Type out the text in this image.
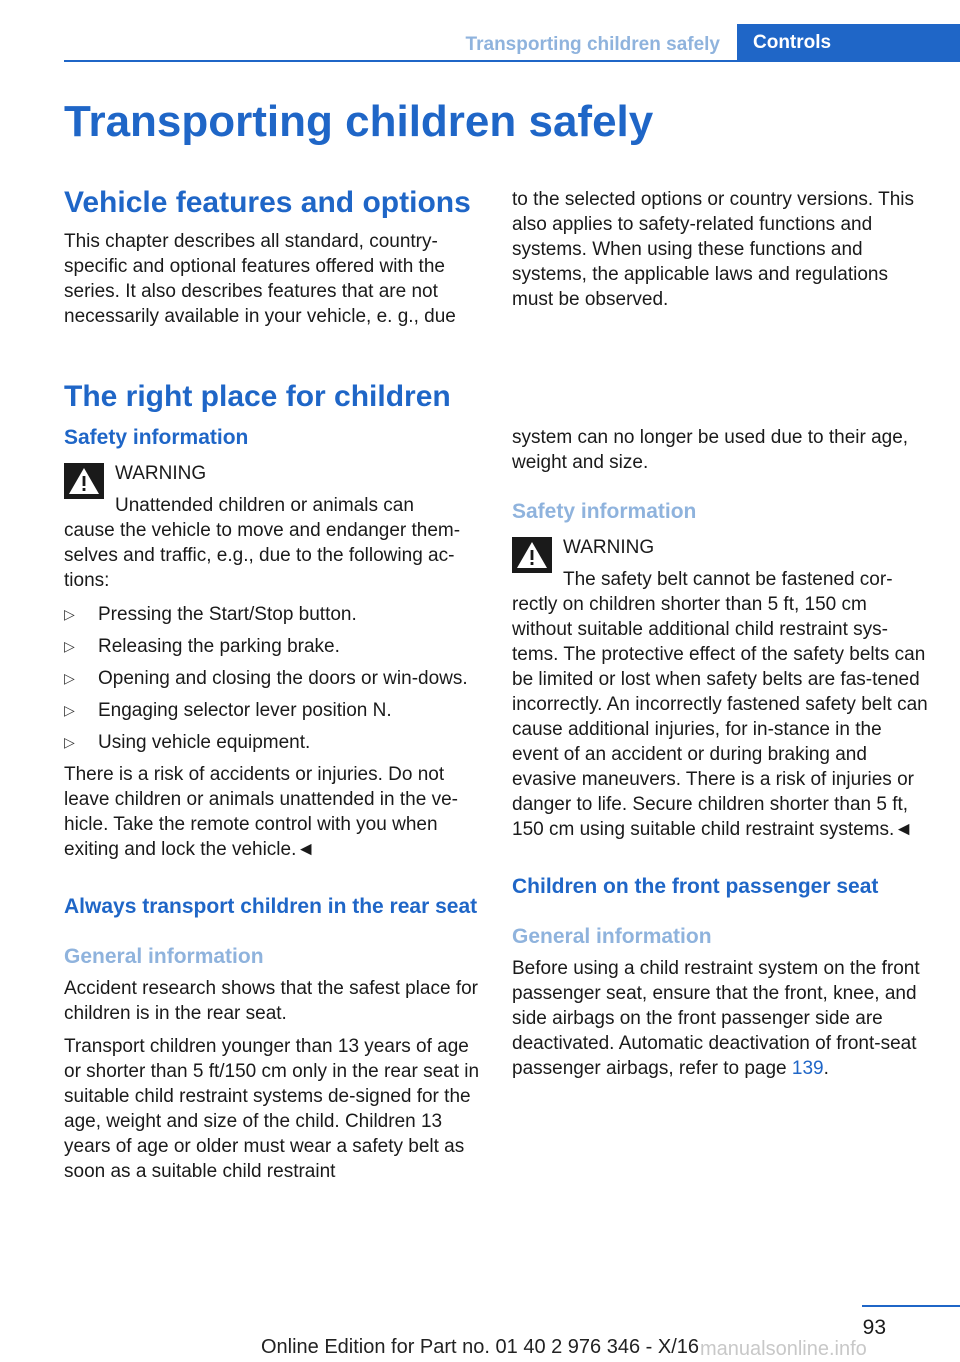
Transporting children safely	Controls
Transporting children safely
Vehicle features and options

This chapter describes all standard, country-specific and optional features offered with the series. It also describes features that are not necessarily available in your vehicle, e. g., due

to the selected options or country versions. This also applies to safety-related functions and systems. When using these functions and systems, the applicable laws and regulations must be observed.

The right place for children
Safety information
WARNING

Unattended children or animals can

cause the vehicle to move and endanger them-selves and traffic, e.g., due to the following ac-tions:

▷ Pressing the Start/Stop button.
▷ Releasing the parking brake.
▷ Opening and closing the doors or win-dows.
▷ Engaging selector lever position N.
▷ Using vehicle equipment.

There is a risk of accidents or injuries. Do not leave children or animals unattended in the ve-hicle. Take the remote control with you when exiting and lock the vehicle.◄

Always transport children in the rear seat
General information

Accident research shows that the safest place for children is in the rear seat.

Transport children younger than 13 years of age or shorter than 5 ft/150 cm only in the rear seat in suitable child restraint systems de-signed for the age, weight and size of the child. Children 13 years of age or older must wear a safety belt as soon as a suitable child restraint

system can no longer be used due to their age, weight and size.

Safety information
WARNING

The safety belt cannot be fastened cor-

rectly on children shorter than 5 ft, 150 cm without suitable additional child restraint sys-tems. The protective effect of the safety belts can be limited or lost when safety belts are fas-tened incorrectly. An incorrectly fastened safety belt can cause additional injuries, for in-stance in the event of an accident or during braking and evasive maneuvers. There is a risk of injuries or danger to life. Secure children shorter than 5 ft, 150 cm using suitable child restraint systems.◄

Children on the front passenger seat
General information

Before using a child restraint system on the front passenger seat, ensure that the front, knee, and side airbags on the front passenger side are deactivated. Automatic deactivation of front-seat passenger airbags, refer to page 139.

93
Online Edition for Part no. 01 40 2 976 346 - X/16 manualsonline.info
